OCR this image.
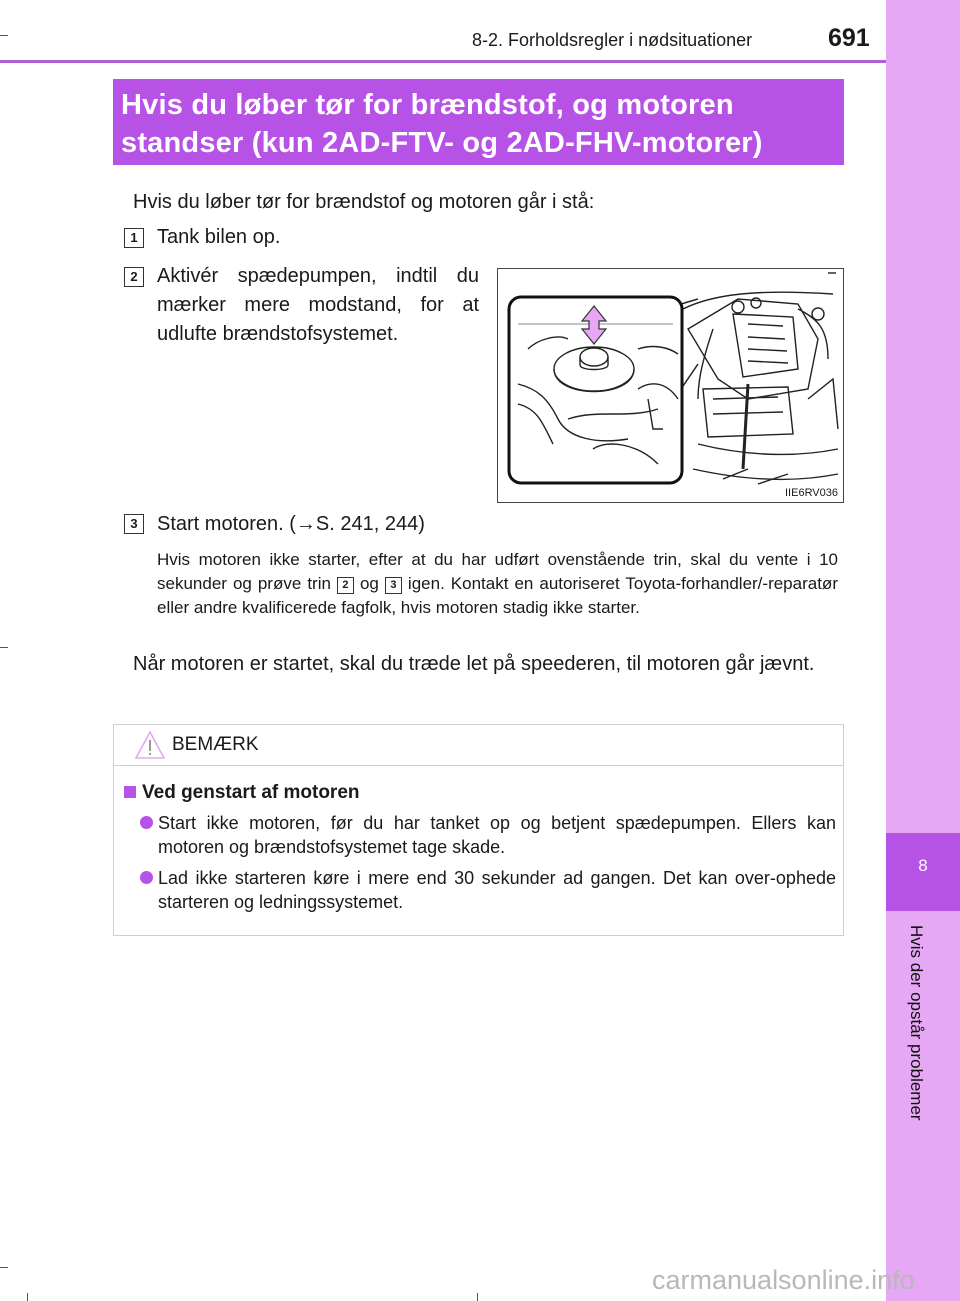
8
Hvis der opstår problemer
8-2. Forholdsregler i nødsituationer	691
Hvis du løber tør for brændstof, og motoren
standser (kun 2AD-FTV- og 2AD-FHV-motorer)
Hvis du løber tør for brændstof og motoren går i stå:
1 Tank bilen op.
2 Aktivér spædepumpen, indtil du mærker mere modstand, for at udlufte brændstofsystemet.
IIE6RV036
3 Start motoren. (→S. 241, 244)
Hvis motoren ikke starter, efter at du har udført ovenstående trin, skal du vente i 10 sekunder og prøve trin 2 og 3 igen. Kontakt en autoriseret Toyota-forhandler/-reparatør eller andre kvalificerede fagfolk, hvis motoren stadig ikke starter.
Når motoren er startet, skal du træde let på speederen, til motoren går jævnt.
BEMÆRK
Ved genstart af motoren
Start ikke motoren, før du har tanket op og betjent spædepumpen. Ellers kan motoren og brændstofsystemet tage skade.
Lad ikke starteren køre i mere end 30 sekunder ad gangen. Det kan over-ophede starteren og ledningssystemet.
carmanualsonline.info
